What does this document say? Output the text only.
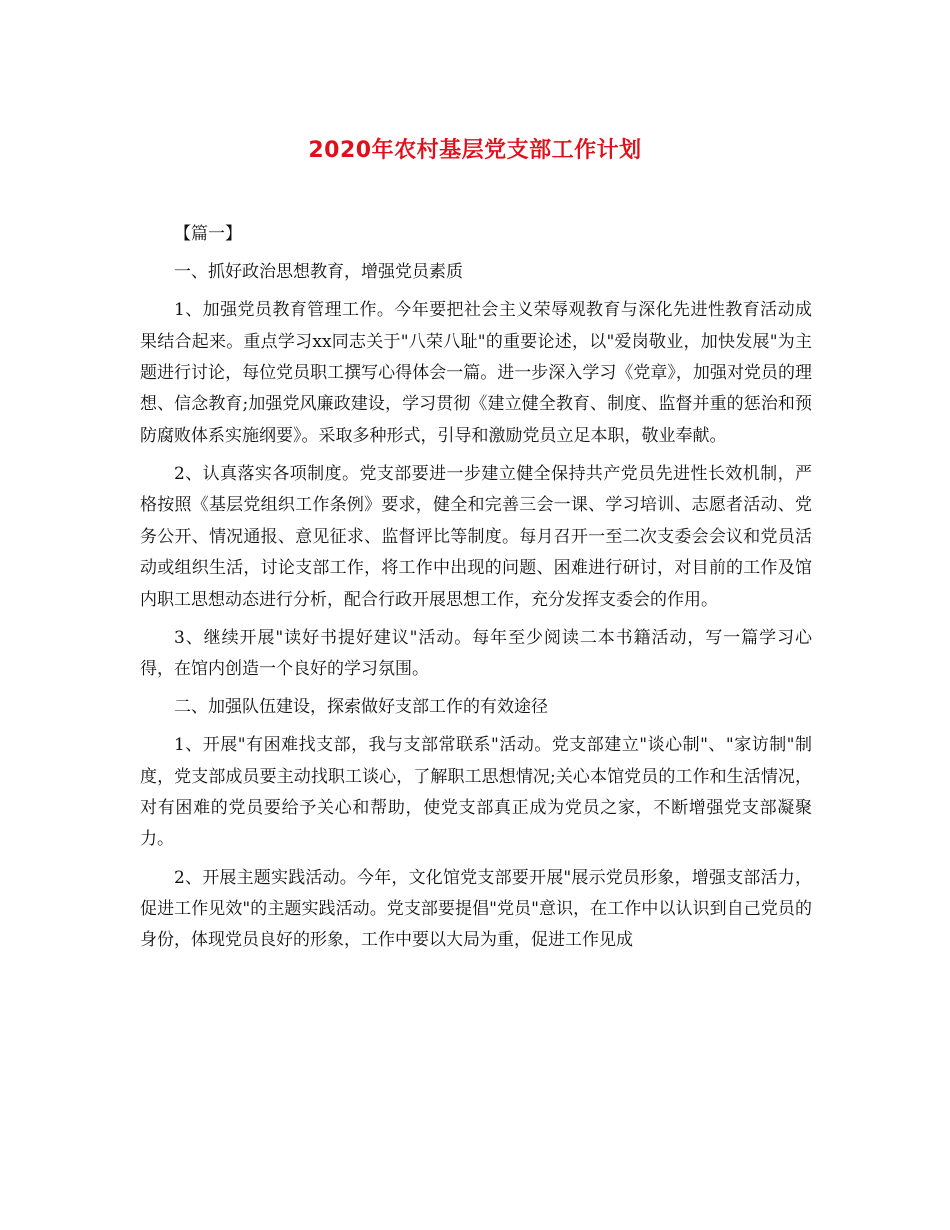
2020年农村基层党支部工作计划

【篇一】

一、抓好政治思想教育，增强党员素质

1、加强党员教育管理工作。今年要把社会主义荣辱观教育与深化先进性教育活动成果结合起来。重点学习xx同志关于"八荣八耻"的重要论述，以"爱岗敬业，加快发展"为主题进行讨论，每位党员职工撰写心得体会一篇。进一步深入学习《党章》，加强对党员的理想、信念教育;加强党风廉政建设，学习贯彻《建立健全教育、制度、监督并重的惩治和预防腐败体系实施纲要》。采取多种形式，引导和激励党员立足本职，敬业奉献。

2、认真落实各项制度。党支部要进一步建立健全保持共产党员先进性长效机制，严格按照《基层党组织工作条例》要求，健全和完善三会一课、学习培训、志愿者活动、党务公开、情况通报、意见征求、监督评比等制度。每月召开一至二次支委会会议和党员活动或组织生活，讨论支部工作，将工作中出现的问题、困难进行研讨，对目前的工作及馆内职工思想动态进行分析，配合行政开展思想工作，充分发挥支委会的作用。

3、继续开展"读好书提好建议"活动。每年至少阅读二本书籍活动，写一篇学习心得，在馆内创造一个良好的学习氛围。

二、加强队伍建设，探索做好支部工作的有效途径

1、开展"有困难找支部，我与支部常联系"活动。党支部建立"谈心制"、"家访制"制度，党支部成员要主动找职工谈心，了解职工思想情况;关心本馆党员的工作和生活情况，对有困难的党员要给予关心和帮助，使党支部真正成为党员之家，不断增强党支部凝聚力。

2、开展主题实践活动。今年，文化馆党支部要开展"展示党员形象，增强支部活力，促进工作见效"的主题实践活动。党支部要提倡"党员"意识，在工作中以认识到自己党员的身份，体现党员良好的形象，工作中要以大局为重，促进工作见成
